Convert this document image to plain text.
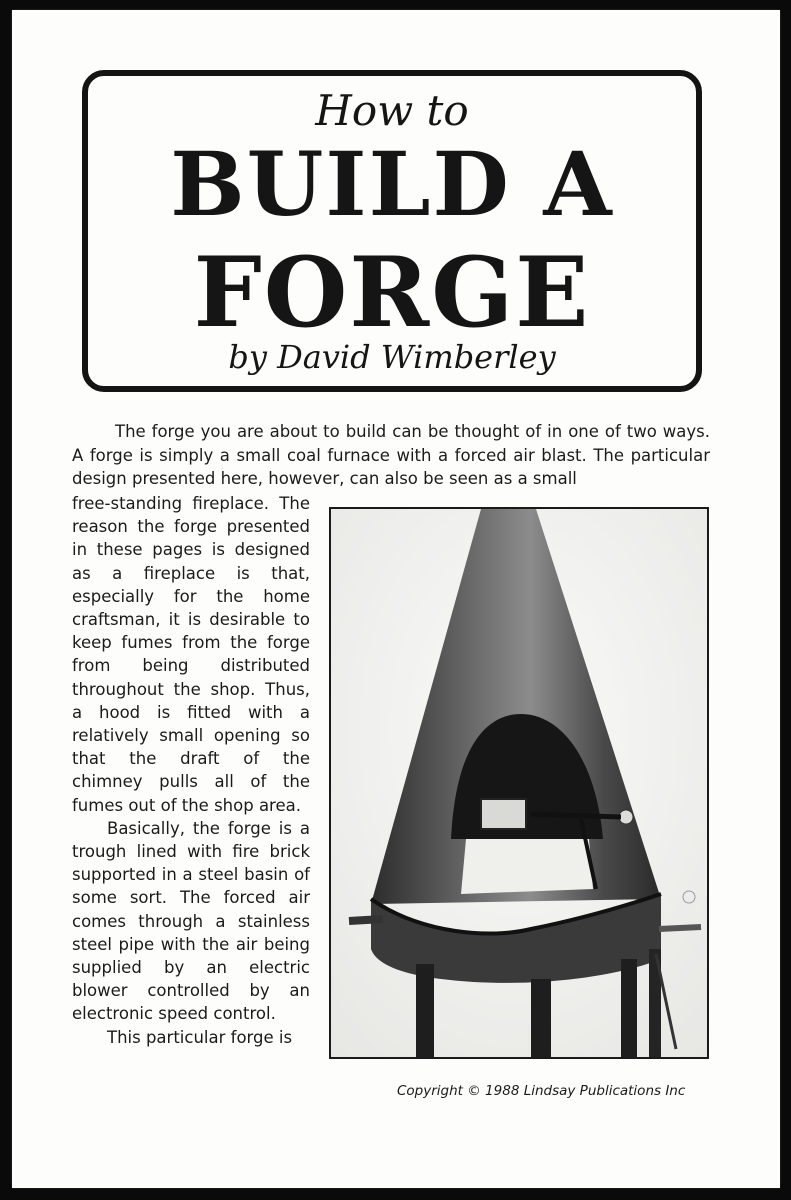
How to
BUILD A
FORGE
by David Wimberley

The forge you are about to build can be thought of in one of two ways. A forge is simply a small coal furnace with a forced air blast. The particular design presented here, however, can also be seen as a small

free-standing fireplace. The reason the forge presented in these pages is designed as a fireplace is that, especially for the home craftsman, it is desirable to keep fumes from the forge from being distributed throughout the shop. Thus, a hood is fitted with a relatively small opening so that the draft of the chimney pulls all of the fumes out of the shop area.

Basically, the forge is a trough lined with fire brick supported in a steel basin of some sort. The forced air comes through a stainless steel pipe with the air being supplied by an electric blower controlled by an electronic speed control.

This particular forge is

Copyright © 1988 Lindsay Publications Inc
